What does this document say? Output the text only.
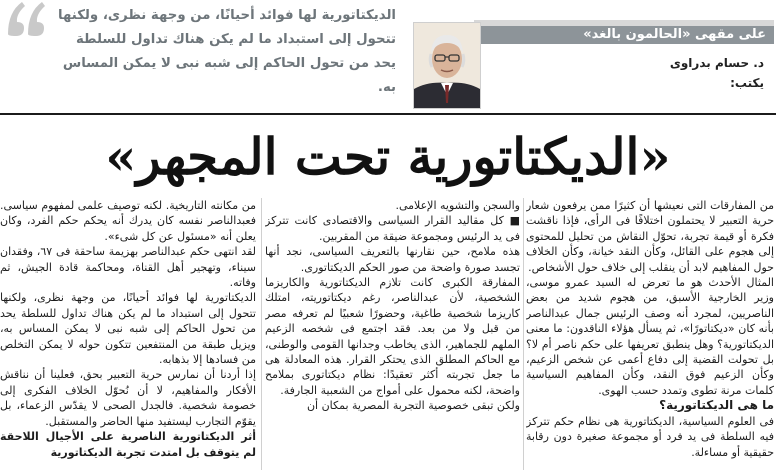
على مقهى «الحالمون بالغد»
د. حسام بدراوى
يكتب:
الديكتاتورية لها فوائد أحيانًا، من وجهة نظرى، ولكنها
تتحول إلى استبداد ما لم يكن هناك تداول للسلطة
يحد من تحول الحاكم إلى شبه نبى لا يمكن المساس به.
«الديكتاتورية تحت المجهر»

من المفارقات التى نعيشها أن كثيرًا ممن يرفعون شعار حرية التعبير لا يحتملون اختلافًا فى الرأى، فإذا ناقشت فكرة أو قيمة تجربة، تحوّل النقاش من تحليل للمحتوى إلى هجوم على القائل، وكأن النقد خيانة، وكأن الخلاف حول المفاهيم لابد أن ينقلب إلى خلاف حول الأشخاص.

المثال الأحدث هو ما تعرض له السيد عمرو موسى، وزير الخارجية الأسبق، من هجوم شديد من بعض الناصريين، لمجرد أنه وصف الرئيس جمال عبدالناصر بأنه كان «ديكتاتورًا»، ثم يسأل هؤلاء الناقدون: ما معنى الديكتاتورية؟ وهل ينطبق تعريفها على حكم ناصر أم لا؟ بل تحولت القضية إلى دفاع أعمى عن شخص الزعيم، وكأن الزعيم فوق النقد، وكأن المفاهيم السياسية كلمات مرنة تطوى وتمدد حسب الهوى.

ما هى الديكتاتورية؟

فى العلوم السياسية، الديكتاتورية هى نظام حكم تتركز فيه السلطة فى يد فرد أو مجموعة صغيرة دون رقابة حقيقية أو مساءلة.

والسجن والتشويه الإعلامى.

■ كل مقاليد القرار السياسى والاقتصادى كانت تتركز فى يد الرئيس ومجموعة ضيقة من المقربين.

هذه ملامح، حين نقارنها بالتعريف السياسى، نجد أنها تجسد صورة واضحة من صور الحكم الديكتاتورى.

المفارقة الكبرى كانت تلازم الديكتاتورية والكاريزما الشخصية، لأن عبدالناصر، رغم ديكتاتوريته، امتلك كاريزما شخصية طاغية، وحضورًا شعبيًا لم تعرفه مصر من قبل ولا من بعد. فقد اجتمع فى شخصه الزعيم الملهم للجماهير، الذى يخاطب وجدانها القومى والوطنى، مع الحاكم المطلق الذى يحتكر القرار. هذه المعادلة هى ما جعل تجربته أكثر تعقيدًا: نظام ديكتاتورى بملامح واضحة، لكنه محمول على أمواج من الشعبية الجارفة.

ولكن تبقى خصوصية التجربة المصرية بمكان أن

من مكانته التاريخية. لكنه توصيف علمى لمفهوم سياسى. فعبدالناصر نفسه كان يدرك أنه يحكم حكم الفرد، وكان يعلن أنه «مسئول عن كل شىء».

لقد انتهى حكم عبدالناصر بهزيمة ساحقة فى ٦٧، وفقدان سيناء، وتهجير أهل القناة، ومحاكمة قادة الجيش، ثم وفاته.

الديكتاتورية لها فوائد أحيانًا، من وجهة نظرى، ولكنها تتحول إلى استبداد ما لم يكن هناك تداول للسلطة يحد من تحول الحاكم إلى شبه نبى لا يمكن المساس به، ويزيل طبقة من المنتفعين تتكون حوله لا يمكن التخلص من فسادها إلا بذهابه.

إذا أردنا أن نمارس حرية التعبير بحق، فعلينا أن نناقش الأفكار والمفاهيم، لا أن نُحوّل الخلاف الفكرى إلى خصومة شخصية. فالجدل الصحى لا يقدّس الزعماء، بل يقوّم التجارب ليستفيد منها الحاضر والمستقبل.

أثر الديكتاتورية الناصرية على الأجيال اللاحقة لم يتوقف بل امتدت تجربة الديكتاتورية
